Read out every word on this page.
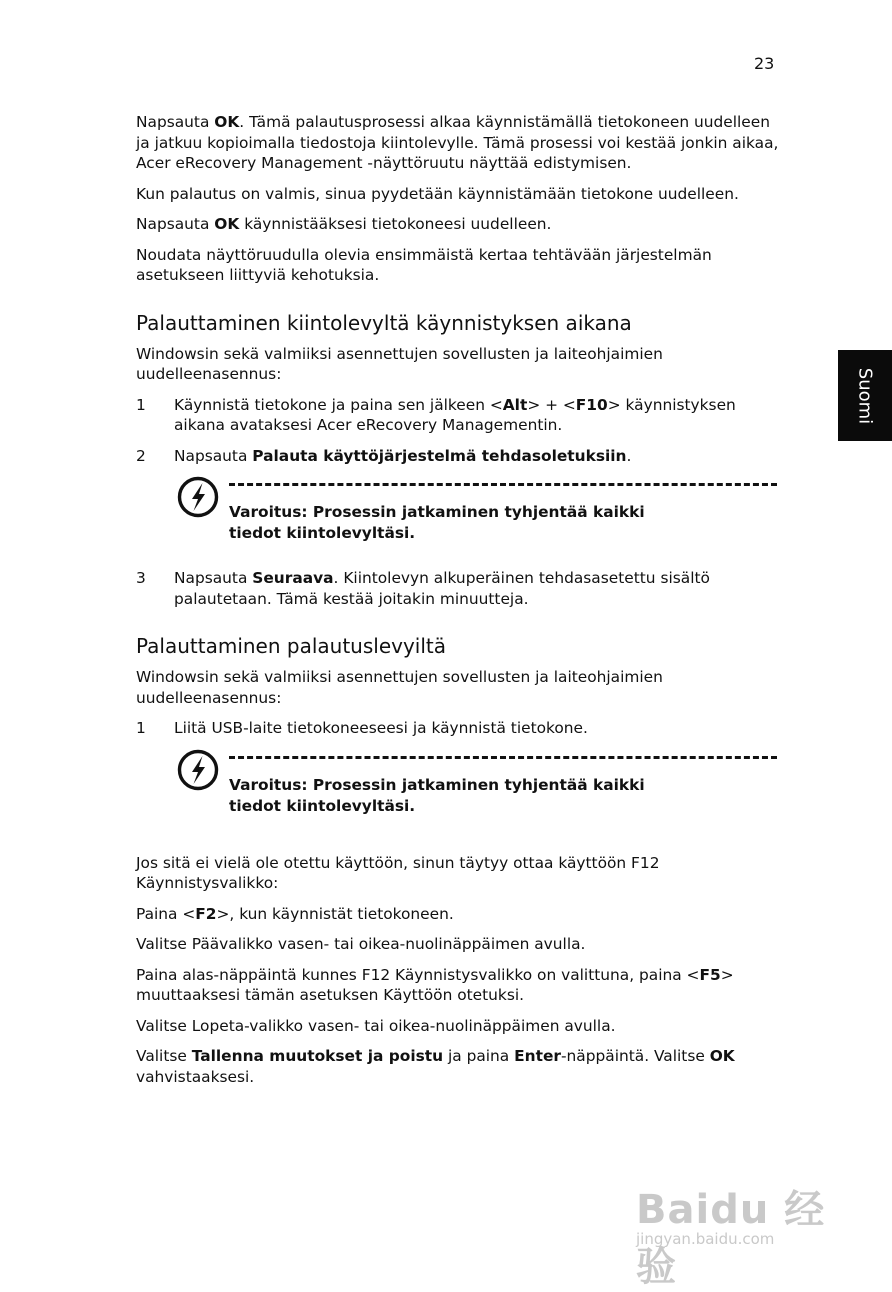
23
Suomi

Napsauta OK. Tämä palautusprosessi alkaa käynnistämällä tietokoneen uudelleen ja jatkuu kopioimalla tiedostoja kiintolevylle. Tämä prosessi voi kestää jonkin aikaa, Acer eRecovery Management -näyttöruutu näyttää edistymisen.

Kun palautus on valmis, sinua pyydetään käynnistämään tietokone uudelleen.

Napsauta OK käynnistääksesi tietokoneesi uudelleen.

Noudata näyttöruudulla olevia ensimmäistä kertaa tehtävään järjestelmän asetukseen liittyviä kehotuksia.

Palauttaminen kiintolevyltä käynnistyksen aikana

Windowsin sekä valmiiksi asennettujen sovellusten ja laiteohjaimien uudelleenasennus:

1	Käynnistä tietokone ja paina sen jälkeen <Alt> + <F10> käynnistyksen aikana avataksesi Acer eRecovery Managementin.

2	Napsauta Palauta käyttöjärjestelmä tehdasoletuksiin.

Varoitus: Prosessin jatkaminen tyhjentää kaikki tiedot kiintolevyltäsi.
3	Napsauta Seuraava. Kiintolevyn alkuperäinen tehdasasetettu sisältö palautetaan. Tämä kestää joitakin minuutteja.

Palauttaminen palautuslevyiltä

Windowsin sekä valmiiksi asennettujen sovellusten ja laiteohjaimien uudelleenasennus:

1	Liitä USB-laite tietokoneeseesi ja käynnistä tietokone.

Varoitus: Prosessin jatkaminen tyhjentää kaikki tiedot kiintolevyltäsi.

Jos sitä ei vielä ole otettu käyttöön, sinun täytyy ottaa käyttöön F12 Käynnistysvalikko:

Paina <F2>, kun käynnistät tietokoneen.

Valitse Päävalikko vasen- tai oikea-nuolinäppäimen avulla.

Paina alas-näppäintä kunnes F12 Käynnistysvalikko on valittuna, paina <F5> muuttaaksesi tämän asetuksen Käyttöön otetuksi.

Valitse Lopeta-valikko vasen- tai oikea-nuolinäppäimen avulla.

Valitse Tallenna muutokset ja poistu ja paina Enter-näppäintä. Valitse OK vahvistaaksesi.

Baidu 经验
jingyan.baidu.com
